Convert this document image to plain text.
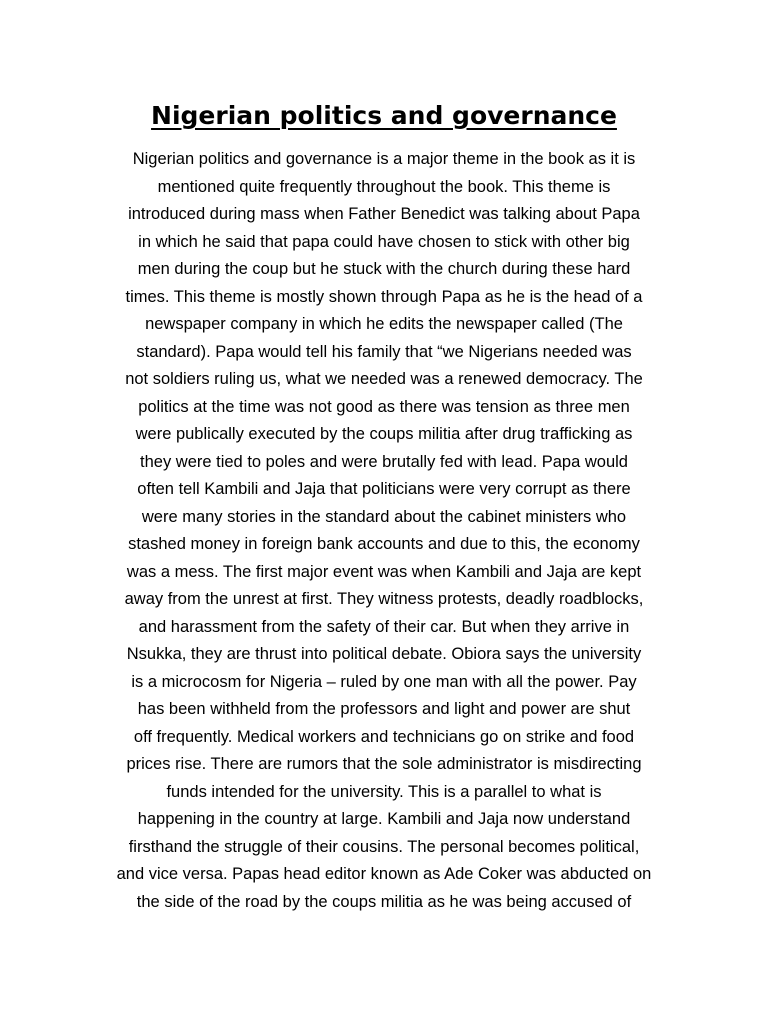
Nigerian politics and governance
Nigerian politics and governance is a major theme in the book as it is
mentioned quite frequently throughout the book. This theme is
introduced during mass when Father Benedict was talking about Papa
in which he said that papa could have chosen to stick with other big
men during the coup but he stuck with the church during these hard
times. This theme is mostly shown through Papa as he is the head of a
newspaper company in which he edits the newspaper called (The
standard). Papa would tell his family that “we Nigerians needed was
not soldiers ruling us, what we needed was a renewed democracy. The
politics at the time was not good as there was tension as three men
were publically executed by the coups militia after drug trafficking as
they were tied to poles and were brutally fed with lead. Papa would
often tell Kambili and Jaja that politicians were very corrupt as there
were many stories in the standard about the cabinet ministers who
stashed money in foreign bank accounts and due to this, the economy
was a mess. The first major event was when Kambili and Jaja are kept
away from the unrest at first. They witness protests, deadly roadblocks,
and harassment from the safety of their car. But when they arrive in
Nsukka, they are thrust into political debate. Obiora says the university
is a microcosm for Nigeria – ruled by one man with all the power. Pay
has been withheld from the professors and light and power are shut
off frequently. Medical workers and technicians go on strike and food
prices rise. There are rumors that the sole administrator is misdirecting
funds intended for the university. This is a parallel to what is
happening in the country at large. Kambili and Jaja now understand
firsthand the struggle of their cousins. The personal becomes political,
and vice versa. Papas head editor known as Ade Coker was abducted on
the side of the road by the coups militia as he was being accused of
